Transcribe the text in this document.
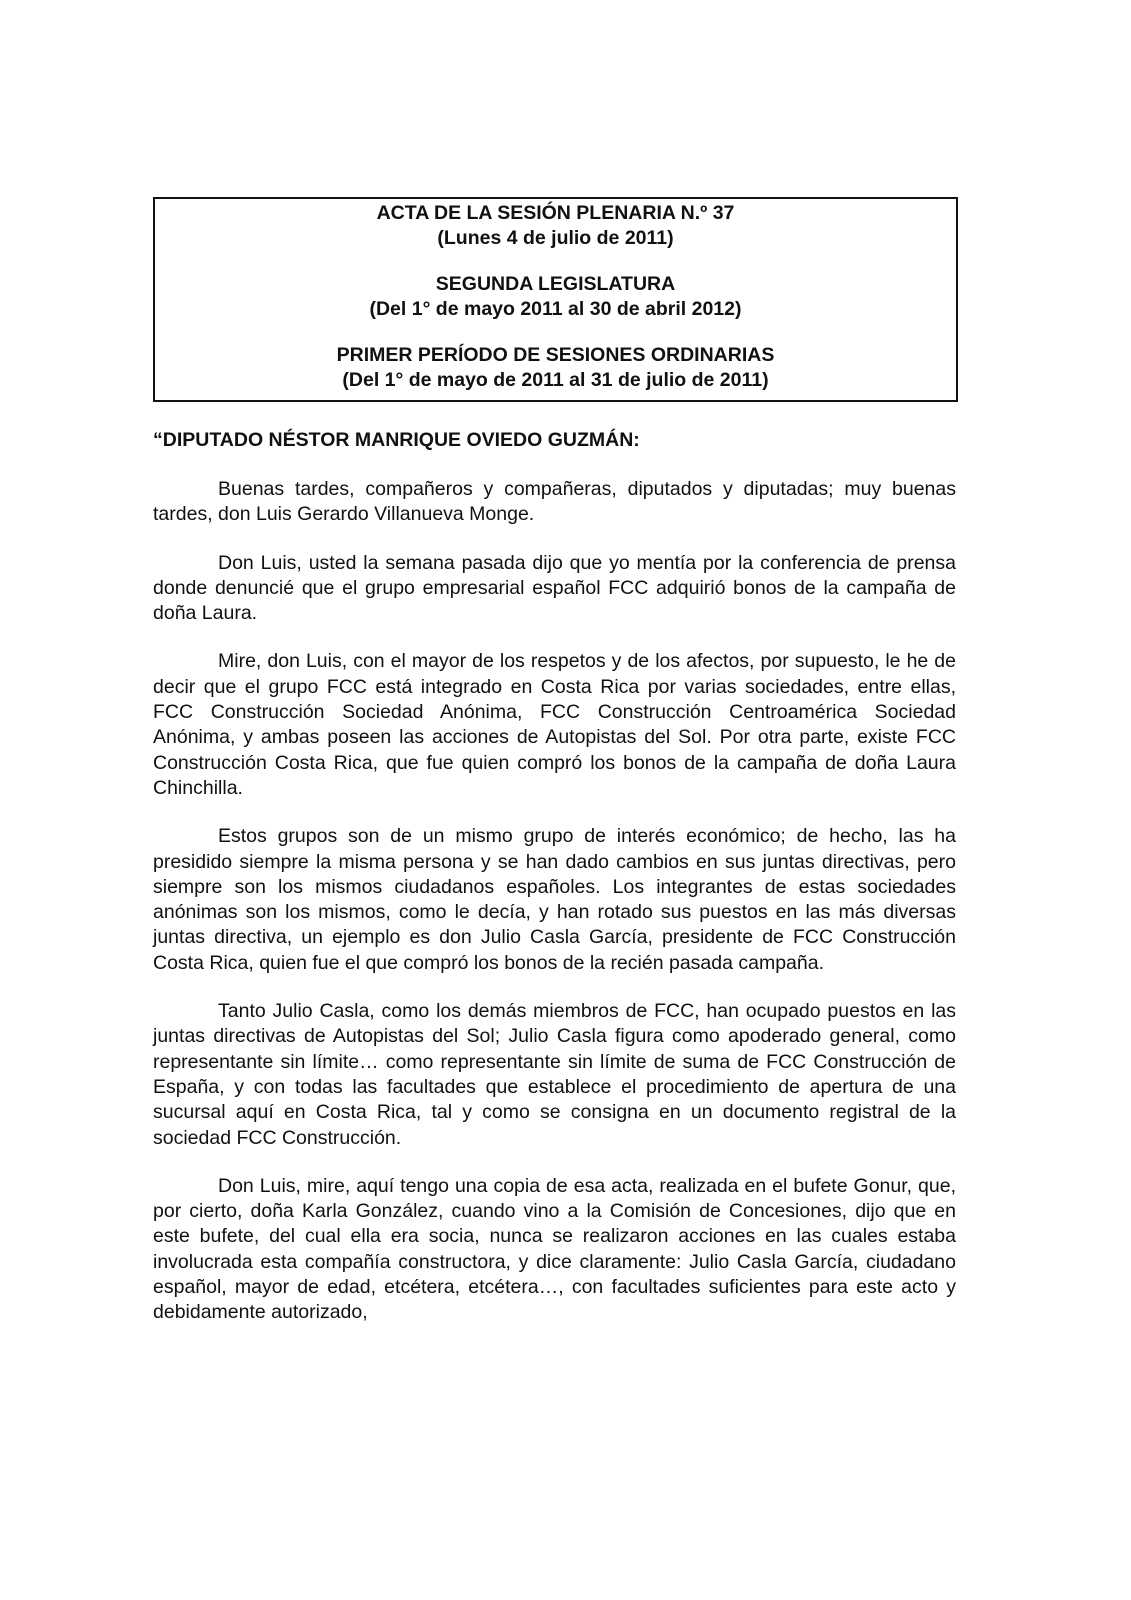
ACTA DE LA SESIÓN PLENARIA N.º 37

(Lunes 4 de julio de 2011)

SEGUNDA LEGISLATURA

(Del 1° de mayo 2011 al 30 de abril 2012)

PRIMER PERÍODO DE SESIONES ORDINARIAS

(Del 1° de mayo de 2011 al 31 de julio de 2011)

“DIPUTADO NÉSTOR MANRIQUE OVIEDO GUZMÁN:

Buenas tardes, compañeros y compañeras, diputados y diputadas; muy buenas tardes, don Luis Gerardo Villanueva Monge.

Don Luis, usted la semana pasada dijo que yo mentía por la conferencia de prensa donde denuncié que el grupo empresarial español FCC adquirió bonos de la campaña de doña Laura.

Mire, don Luis, con el mayor de los respetos y de los afectos, por supuesto, le he de decir que el grupo FCC está integrado en Costa Rica por varias sociedades, entre ellas, FCC Construcción Sociedad Anónima, FCC Construcción Centroamérica Sociedad Anónima, y ambas poseen las acciones de Autopistas del Sol. Por otra parte, existe FCC Construcción Costa Rica, que fue quien compró los bonos de la campaña de doña Laura Chinchilla.

Estos grupos son de un mismo grupo de interés económico; de hecho, las ha presidido siempre la misma persona y se han dado cambios en sus juntas directivas, pero siempre son los mismos ciudadanos españoles. Los integrantes de estas sociedades anónimas son los mismos, como le decía, y han rotado sus puestos en las más diversas juntas directiva, un ejemplo es don Julio Casla García, presidente de FCC Construcción Costa Rica, quien fue el que compró los bonos de la recién pasada campaña.

Tanto Julio Casla, como los demás miembros de FCC, han ocupado puestos en las juntas directivas de Autopistas del Sol; Julio Casla figura como apoderado general, como representante sin límite… como representante sin límite de suma de FCC Construcción de España, y con todas las facultades que establece el procedimiento de apertura de una sucursal aquí en Costa Rica, tal y como se consigna en un documento registral de la sociedad FCC Construcción.

Don Luis, mire, aquí tengo una copia de esa acta, realizada en el bufete Gonur, que, por cierto, doña Karla González, cuando vino a la Comisión de Concesiones, dijo que en este bufete, del cual ella era socia, nunca se realizaron acciones en las cuales estaba involucrada esta compañía constructora, y dice claramente: Julio Casla García, ciudadano español, mayor de edad, etcétera, etcétera…, con facultades suficientes para este acto y debidamente autorizado,
